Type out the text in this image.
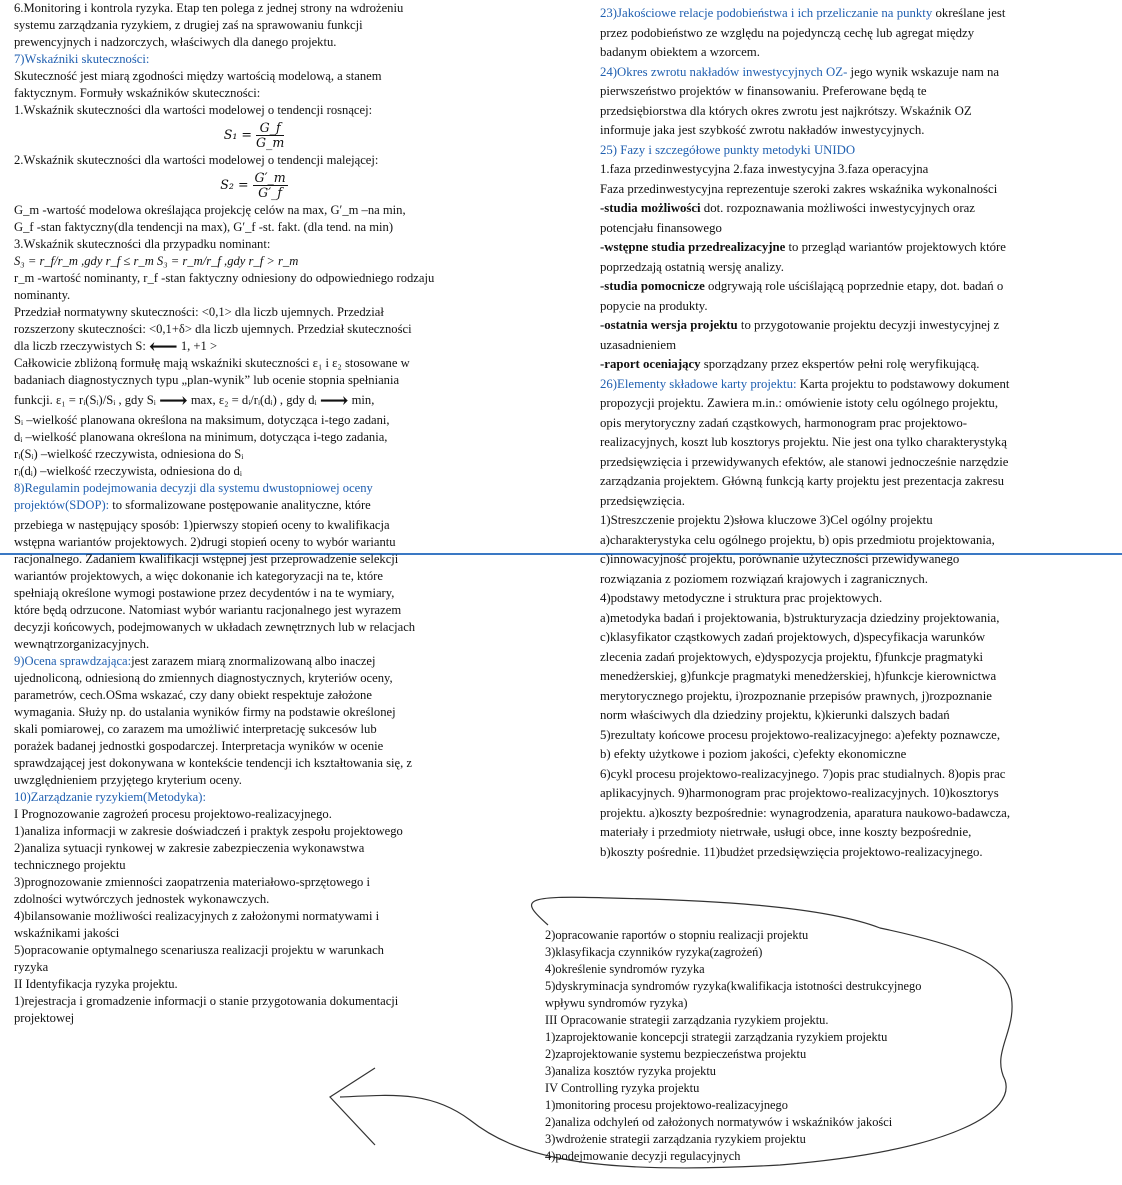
6.Monitoring i kontrola ryzyka. Etap ten polega z jednej strony na wdrożeniu

systemu zarządzania ryzykiem, z drugiej zaś na sprawowaniu funkcji

prewencyjnych i nadzorczych, właściwych dla danego projektu.

7)Wskaźniki skuteczności:

Skuteczność jest miarą zgodności między wartością modelową, a stanem

faktycznym. Formuły wskaźników skuteczności:

1.Wskaźnik skuteczności dla wartości modelowej o tendencji rosnącej:

$S_1 = \frac{G\_f}{G\_m}$

2.Wskaźnik skuteczności dla wartości modelowej o tendencji malejącej:

$S_2 = \frac{G'\_m}{G'\_f}$

G_m -wartość modelowa określająca projekcję celów na max, G′_m –na min,

G_f -stan faktyczny(dla tendencji na max), G′_f -st. fakt. (dla tend. na min)

3.Wskaźnik skuteczności dla przypadku nominant:

S₃ = r_f/r_m ,gdy r_f ≤ r_m S₃ = r_m/r_f ,gdy r_f > r_m

r_m -wartość nominanty, r_f -stan faktyczny odniesiony do odpowiedniego rodzaju

nominanty.

Przedział normatywny skuteczności: <0,1> dla liczb ujemnych. Przedział

rozszerzony skuteczności: <0,1+δ> dla liczb ujemnych. Przedział skuteczności

dla liczb rzeczywistych S: ⟵ 1, +1 >

Całkowicie zbliżoną formułę mają wskaźniki skuteczności ε₁ i ε₂ stosowane w

badaniach diagnostycznych typu „plan-wynik” lub ocenie stopnia spełniania

funkcji. ε₁ = rᵢ(Sᵢ)/Sᵢ , gdy Sᵢ ⟶ max, ε₂ = dᵢ/rᵢ(dᵢ) , gdy dᵢ ⟶ min,

Sᵢ –wielkość planowana określona na maksimum, dotycząca i-tego zadani,

dᵢ –wielkość planowana określona na minimum, dotycząca i-tego zadania,

rᵢ(Sᵢ) –wielkość rzeczywista, odniesiona do Sᵢ

rᵢ(dᵢ) –wielkość rzeczywista, odniesiona do dᵢ

8)Regulamin podejmowania decyzji dla systemu dwustopniowej oceny

projektów(SDOP): to sformalizowane postępowanie analityczne, które

przebiega w następujący sposób: 1)pierwszy stopień oceny to kwalifikacja

wstępna wariantów projektowych. 2)drugi stopień oceny to wybór wariantu

racjonalnego. Zadaniem kwalifikacji wstępnej jest przeprowadzenie selekcji

wariantów projektowych, a więc dokonanie ich kategoryzacji na te, które

spełniają określone wymogi postawione przez decydentów i na te wymiary,

które będą odrzucone. Natomiast wybór wariantu racjonalnego jest wyrazem

decyzji końcowych, podejmowanych w układach zewnętrznych lub w relacjach

wewnątrzorganizacyjnych.

9)Ocena sprawdzająca:jest zarazem miarą znormalizowaną albo inaczej

ujednoliconą, odniesioną do zmiennych diagnostycznych, kryteriów oceny,

parametrów, cech.OSma wskazać, czy dany obiekt respektuje założone

wymagania. Służy np. do ustalania wyników firmy na podstawie określonej

skali pomiarowej, co zarazem ma umożliwić interpretację sukcesów lub

porażek badanej jednostki gospodarczej. Interpretacja wyników w ocenie

sprawdzającej jest dokonywana w kontekście tendencji ich kształtowania się, z

uwzględnieniem przyjętego kryterium oceny.

10)Zarządzanie ryzykiem(Metodyka):

I Prognozowanie zagrożeń procesu projektowo-realizacyjnego.

1)analiza informacji w zakresie doświadczeń i praktyk zespołu projektowego

2)analiza sytuacji rynkowej w zakresie zabezpieczenia wykonawstwa

technicznego projektu

3)prognozowanie zmienności zaopatrzenia materiałowo-sprzętowego i

zdolności wytwórczych jednostek wykonawczych.

4)bilansowanie możliwości realizacyjnych z założonymi normatywami i

wskaźnikami jakości

5)opracowanie optymalnego scenariusza realizacji projektu w warunkach

ryzyka

II Identyfikacja ryzyka projektu.

1)rejestracja i gromadzenie informacji o stanie przygotowania dokumentacji

projektowej

23)Jakościowe relacje podobieństwa i ich przeliczanie na punkty określane jest

przez podobieństwo ze względu na pojedynczą cechę lub agregat między

badanym obiektem a wzorcem.

24)Okres zwrotu nakładów inwestycyjnych OZ- jego wynik wskazuje nam na

pierwszeństwo projektów w finansowaniu. Preferowane będą te

przedsiębiorstwa dla których okres zwrotu jest najkrótszy. Wskaźnik OZ

informuje jaka jest szybkość zwrotu nakładów inwestycyjnych.

25) Fazy i szczegółowe punkty metodyki UNIDO

1.faza przedinwestycyjna 2.faza inwestycyjna 3.faza operacyjna

Faza przedinwestycyjna reprezentuje szeroki zakres wskaźnika wykonalności

-studia możliwości dot. rozpoznawania możliwości inwestycyjnych oraz

potencjału finansowego

-wstępne studia przedrealizacyjne to przegląd wariantów projektowych które

poprzedzają ostatnią wersję analizy.

-studia pomocnicze odgrywają role uściślającą poprzednie etapy, dot. badań o

popycie na produkty.

-ostatnia wersja projektu to przygotowanie projektu decyzji inwestycyjnej z

uzasadnieniem

-raport oceniający sporządzany przez ekspertów pełni rolę weryfikującą.

26)Elementy składowe karty projektu: Karta projektu to podstawowy dokument

propozycji projektu. Zawiera m.in.: omówienie istoty celu ogólnego projektu,

opis merytoryczny zadań cząstkowych, harmonogram prac projektowo-

realizacyjnych, koszt lub kosztorys projektu. Nie jest ona tylko charakterystyką

przedsięwzięcia i przewidywanych efektów, ale stanowi jednocześnie narzędzie

zarządzania projektem. Główną funkcją karty projektu jest prezentacja zakresu

przedsięwzięcia.

1)Streszczenie projektu 2)słowa kluczowe 3)Cel ogólny projektu

a)charakterystyka celu ogólnego projektu, b) opis przedmiotu projektowania,

c)innowacyjność projektu, porównanie użyteczności przewidywanego

rozwiązania z poziomem rozwiązań krajowych i zagranicznych.

4)podstawy metodyczne i struktura prac projektowych.

a)metodyka badań i projektowania, b)strukturyzacja dziedziny projektowania,

c)klasyfikator cząstkowych zadań projektowych, d)specyfikacja warunków

zlecenia zadań projektowych, e)dyspozycja projektu, f)funkcje pragmatyki

menedżerskiej, g)funkcje pragmatyki menedżerskiej, h)funkcje kierownictwa

merytorycznego projektu, i)rozpoznanie przepisów prawnych, j)rozpoznanie

norm właściwych dla dziedziny projektu, k)kierunki dalszych badań

5)rezultaty końcowe procesu projektowo-realizacyjnego: a)efekty poznawcze,

b) efekty użytkowe i poziom jakości, c)efekty ekonomiczne

6)cykl procesu projektowo-realizacyjnego. 7)opis prac studialnych. 8)opis prac

aplikacyjnych. 9)harmonogram prac projektowo-realizacyjnych. 10)kosztorys

projektu. a)koszty bezpośrednie: wynagrodzenia, aparatura naukowo-badawcza,

materiały i przedmioty nietrwałe, usługi obce, inne koszty bezpośrednie,

b)koszty pośrednie. 11)budżet przedsięwzięcia projektowo-realizacyjnego.

2)opracowanie raportów o stopniu realizacji projektu

3)klasyfikacja czynników ryzyka(zagrożeń)

4)określenie syndromów ryzyka

5)dyskryminacja syndromów ryzyka(kwalifikacja istotności destrukcyjnego

wpływu syndromów ryzyka)

III Opracowanie strategii zarządzania ryzykiem projektu.

1)zaprojektowanie koncepcji strategii zarządzania ryzykiem projektu

2)zaprojektowanie systemu bezpieczeństwa projektu

3)analiza kosztów ryzyka projektu

IV Controlling ryzyka projektu

1)monitoring procesu projektowo-realizacyjnego

2)analiza odchyleń od założonych normatywów i wskaźników jakości

3)wdrożenie strategii zarządzania ryzykiem projektu

4)podejmowanie decyzji regulacyjnych
